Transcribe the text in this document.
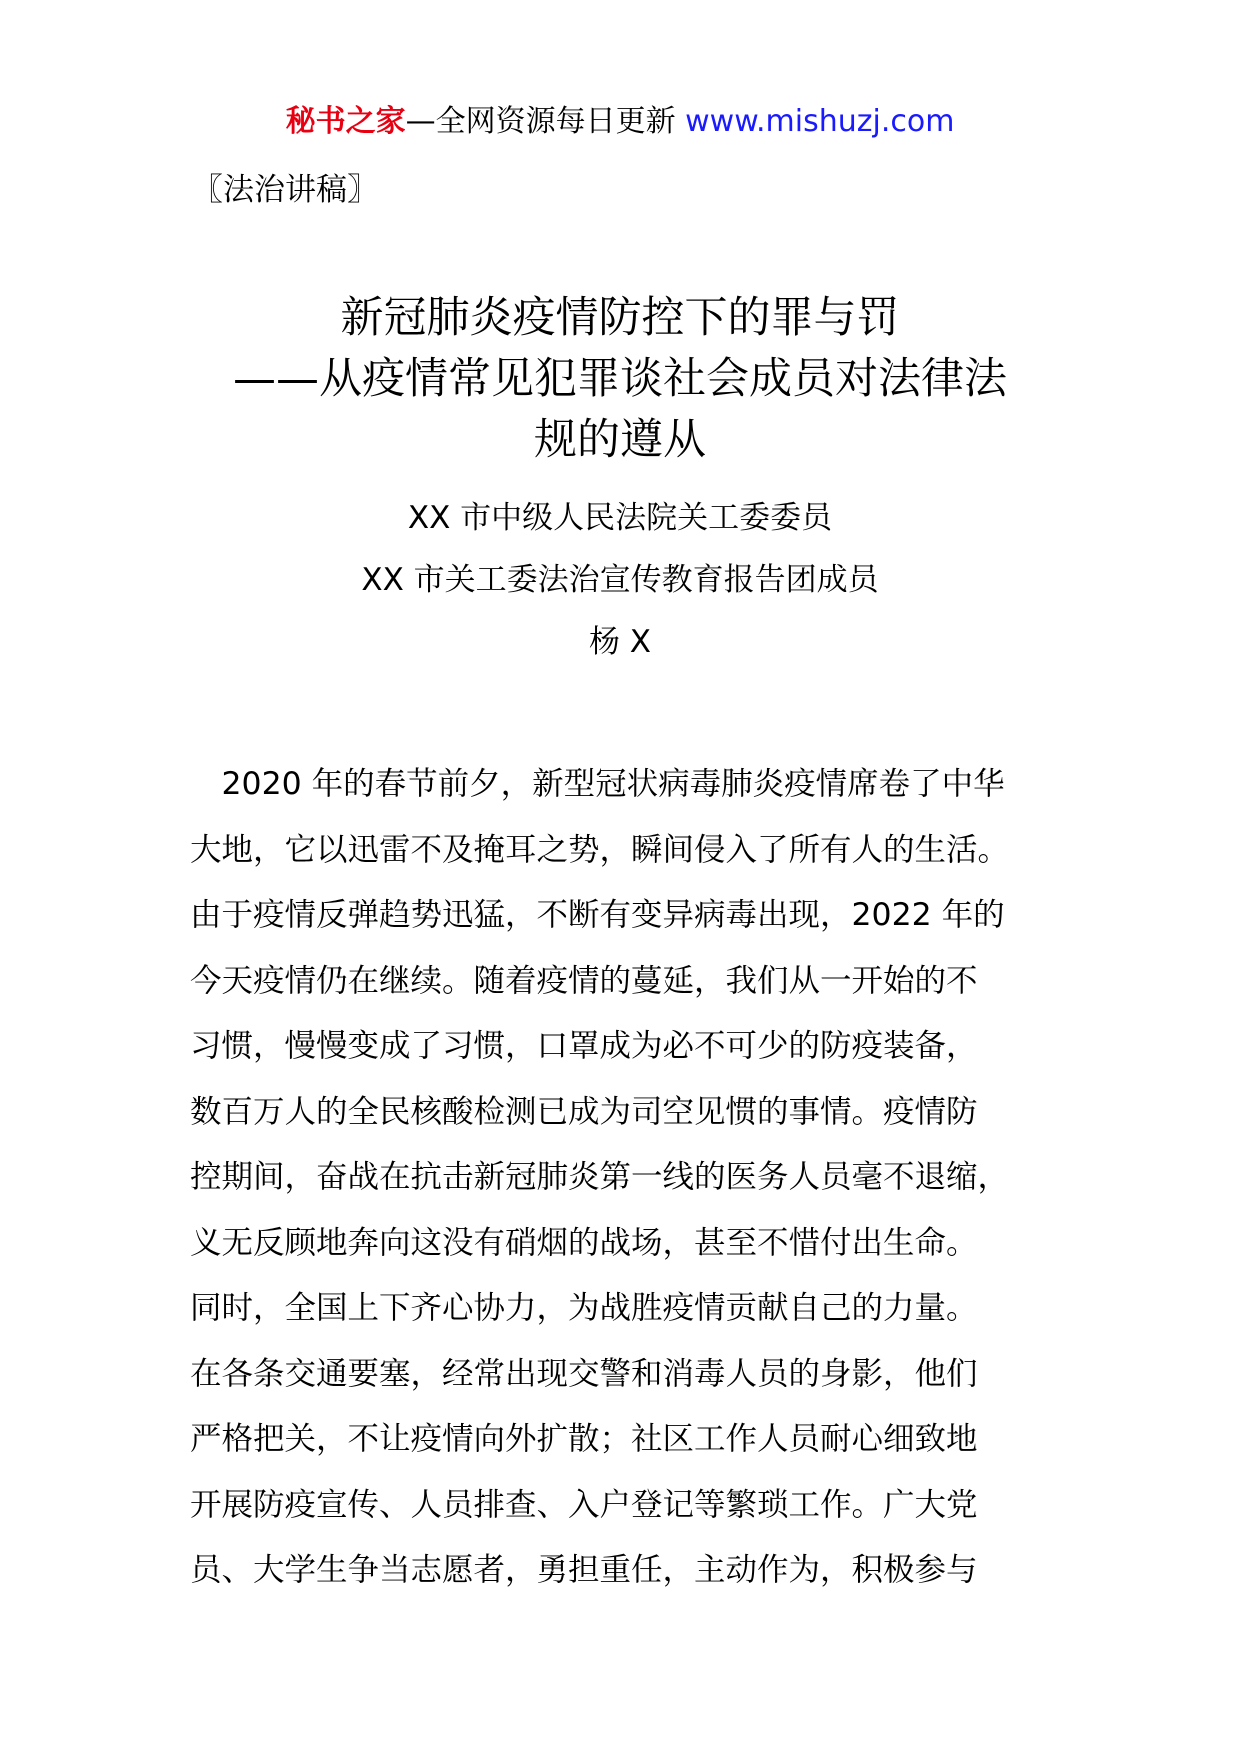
秘书之家—全网资源每日更新 www.mishuzj.com
〖法治讲稿〗
新冠肺炎疫情防控下的罪与罚
——从疫情常见犯罪谈社会成员对法律法
规的遵从
XX 市中级人民法院关工委委员
XX 市关工委法治宣传教育报告团成员
杨 X
　2020 年的春节前夕，新型冠状病毒肺炎疫情席卷了中华
大地，它以迅雷不及掩耳之势，瞬间侵入了所有人的生活。
由于疫情反弹趋势迅猛，不断有变异病毒出现，2022 年的
今天疫情仍在继续。随着疫情的蔓延，我们从一开始的不
习惯，慢慢变成了习惯，口罩成为必不可少的防疫装备，
数百万人的全民核酸检测已成为司空见惯的事情。疫情防
控期间，奋战在抗击新冠肺炎第一线的医务人员毫不退缩，
义无反顾地奔向这没有硝烟的战场，甚至不惜付出生命。
同时，全国上下齐心协力，为战胜疫情贡献自己的力量。
在各条交通要塞，经常出现交警和消毒人员的身影，他们
严格把关，不让疫情向外扩散；社区工作人员耐心细致地
开展防疫宣传、人员排查、入户登记等繁琐工作。广大党
员、大学生争当志愿者，勇担重任，主动作为，积极参与
